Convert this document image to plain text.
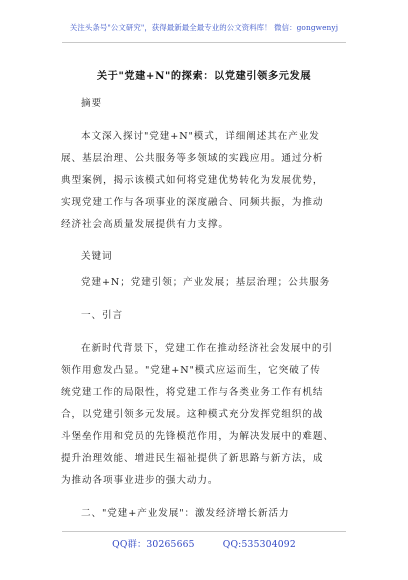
关注头条号"公文研究"，获得最新最全最专业的公文资料库！ 微信：gongwenyj
关于"党建+N"的探索：以党建引领多元发展
摘要
本文深入探讨"党建+N"模式，详细阐述其在产业发
展、基层治理、公共服务等多领域的实践应用。通过分析
典型案例，揭示该模式如何将党建优势转化为发展优势，
实现党建工作与各项事业的深度融合、同频共振，为推动
经济社会高质量发展提供有力支撑。
关键词
党建+N；党建引领；产业发展；基层治理；公共服务
一、引言
在新时代背景下，党建工作在推动经济社会发展中的引
领作用愈发凸显。"党建+N"模式应运而生，它突破了传
统党建工作的局限性，将党建工作与各类业务工作有机结
合，以党建引领多元发展。这种模式充分发挥党组织的战
斗堡垒作用和党员的先锋模范作用，为解决发展中的难题、
提升治理效能、增进民生福祉提供了新思路与新方法，成
为推动各项事业进步的强大动力。
二、"党建+产业发展"：激发经济增长新活力
QQ群：30265665	QQ:535304092
